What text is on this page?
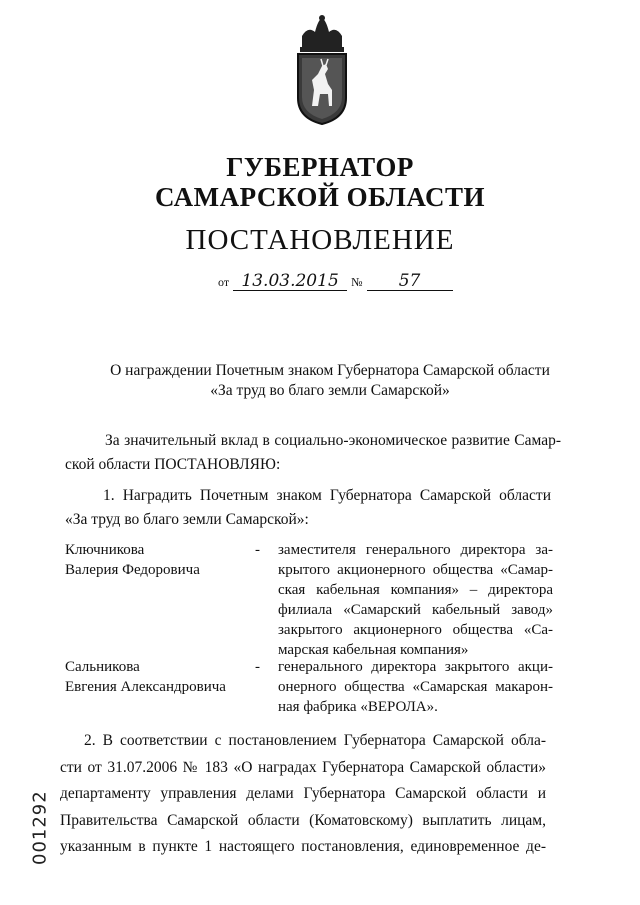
ГУБЕРНАТОР
САМАРСКОЙ ОБЛАСТИ
ПОСТАНОВЛЕНИЕ
от 13.03.2015	№	57
О награждении Почетным знаком Губернатора Самарской области
«За труд во благо земли Самарской»
За значительный вклад в социально-экономическое развитие Самар-
ской области ПОСТАНОВЛЯЮ:
1. Наградить Почетным знаком Губернатора Самарской области
«За труд во благо земли Самарской»:
Ключникова
Валерия Федоровича
- заместителя генерального директора за-
крытого акционерного общества «Самар-
ская кабельная компания» – директора
филиала «Самарский кабельный завод»
закрытого акционерного общества «Са-
марская кабельная компания»
Сальникова
Евгения Александровича
- генерального директора закрытого акци-
онерного общества «Самарская макарон-
ная фабрика «ВЕРОЛА».
2. В соответствии с постановлением Губернатора Самарской обла-
сти от 31.07.2006 № 183 «О наградах Губернатора Самарской области»
департаменту управления делами Губернатора Самарской области и
Правительства Самарской области (Коматовскому) выплатить лицам,
указанным в пункте 1 настоящего постановления, единовременное де-
001292
